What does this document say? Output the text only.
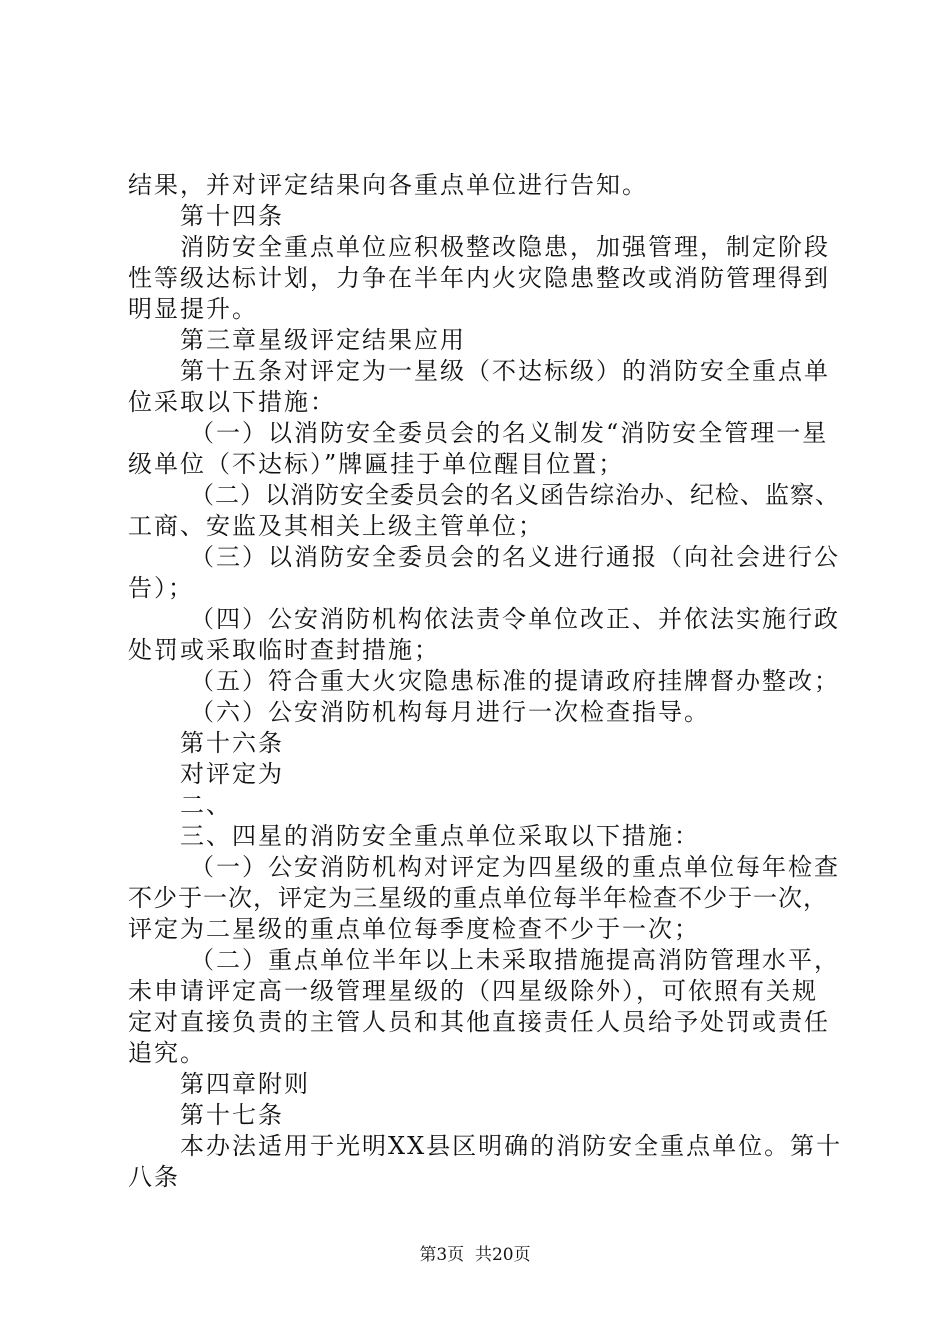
结果，并对评定结果向各重点单位进行告知。
第十四条
消防安全重点单位应积极整改隐患，加强管理，制定阶段
性等级达标计划，力争在半年内火灾隐患整改或消防管理得到
明显提升。
第三章星级评定结果应用
第十五条对评定为一星级（不达标级）的消防安全重点单
位采取以下措施：
（一）以消防安全委员会的名义制发“消防安全管理一星
级单位（不达标）”牌匾挂于单位醒目位置；
（二）以消防安全委员会的名义函告综治办、纪检、监察、
工商、安监及其相关上级主管单位；
（三）以消防安全委员会的名义进行通报（向社会进行公
告）；
（四）公安消防机构依法责令单位改正、并依法实施行政
处罚或采取临时查封措施；
（五）符合重大火灾隐患标准的提请政府挂牌督办整改；
（六）公安消防机构每月进行一次检查指导。
第十六条
对评定为
二、
三、四星的消防安全重点单位采取以下措施：
（一）公安消防机构对评定为四星级的重点单位每年检查
不少于一次，评定为三星级的重点单位每半年检查不少于一次，
评定为二星级的重点单位每季度检查不少于一次；
（二）重点单位半年以上未采取措施提高消防管理水平，
未申请评定高一级管理星级的（四星级除外），可依照有关规
定对直接负责的主管人员和其他直接责任人员给予处罚或责任
追究。
第四章附则
第十七条
本办法适用于光明XX县区明确的消防安全重点单位。第十
八条
第3页  共20页
